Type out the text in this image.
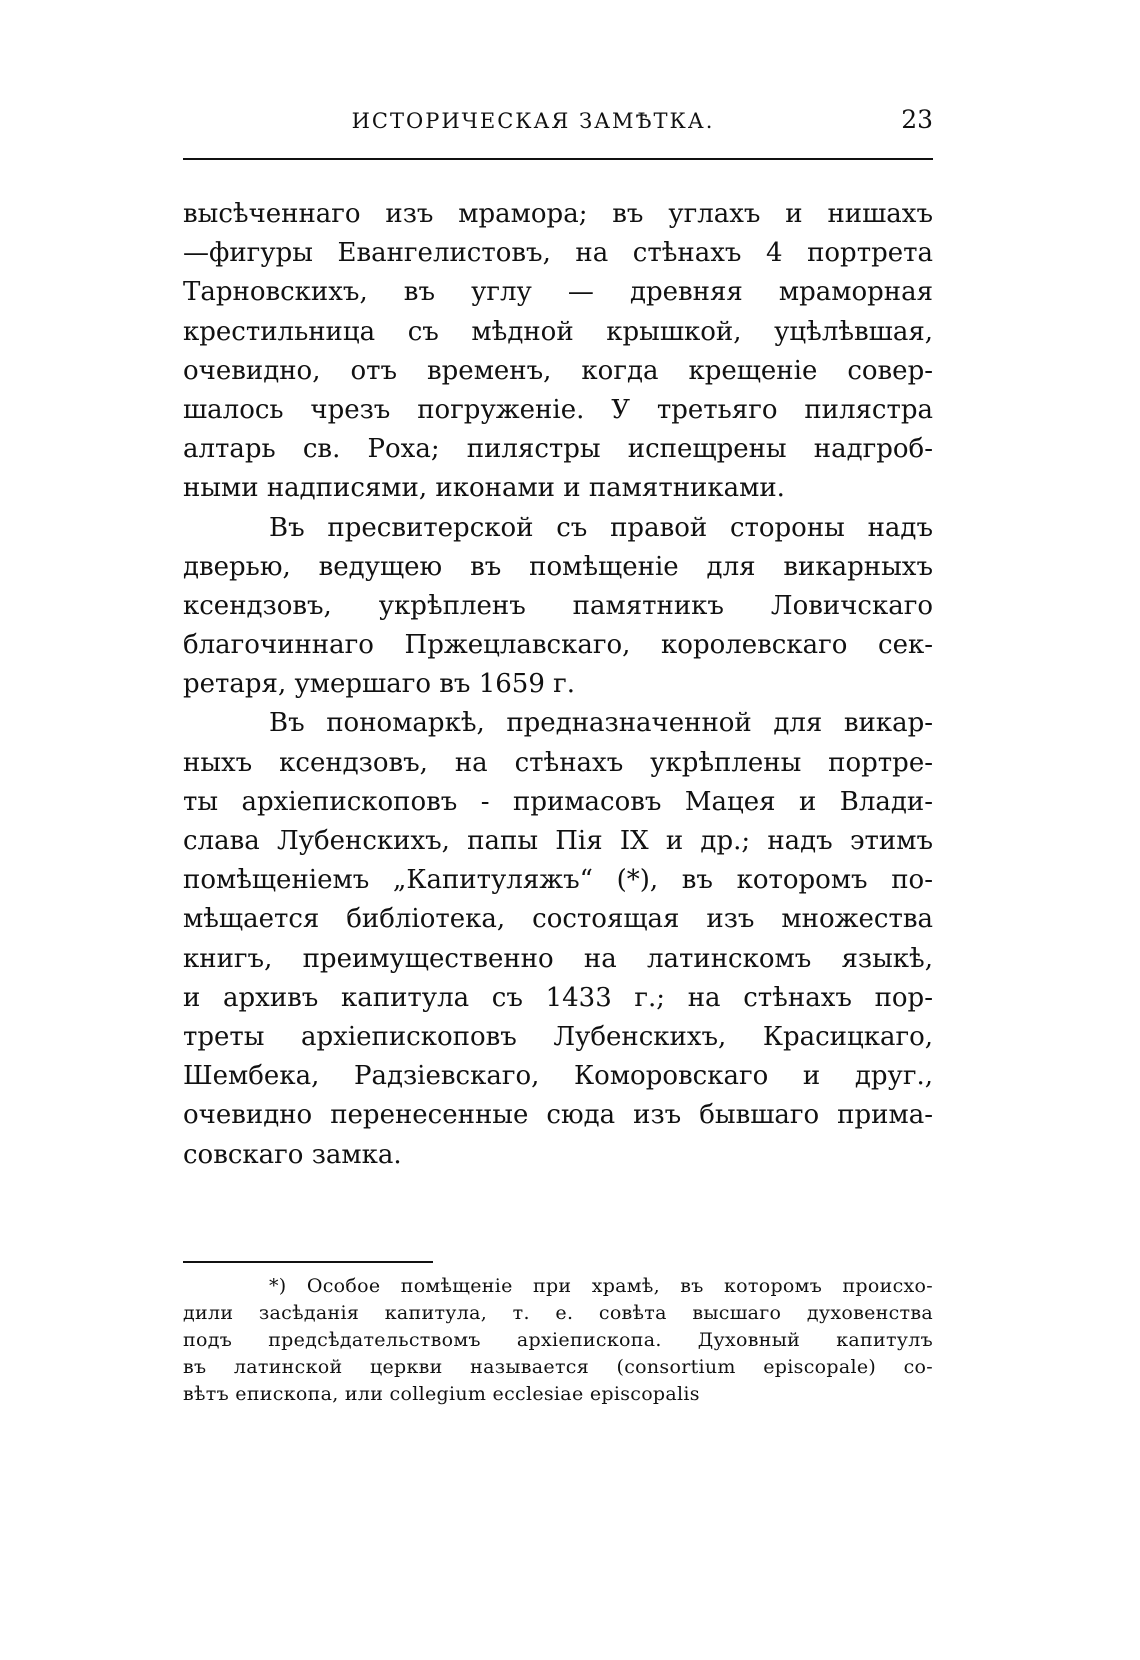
ИСТОРИЧЕСКАЯ ЗАМѢТКА.	23
высѣченнаго изъ мрамора; въ углахъ и нишахъ
—фигуры Евангелистовъ, на стѣнахъ 4 портрета
Тарновскихъ, въ углу — древняя мраморная
крестильница съ мѣдной крышкой, уцѣлѣвшая,
очевидно, отъ временъ, когда крещеніе совер-
шалось чрезъ погруженіе. У третьяго пилястра
алтарь св. Роха; пилястры испещрены надгроб-
ными надписями, иконами и памятниками.
Въ пресвитерской съ правой стороны надъ
дверью, ведущею въ помѣщеніе для викарныхъ
ксендзовъ, укрѣпленъ памятникъ Ловичскаго
благочиннаго Пржецлавскаго, королевскаго сек-
ретаря, умершаго въ 1659 г.
Въ пономаркѣ, предназначенной для викар-
ныхъ ксендзовъ, на стѣнахъ укрѣплены портре-
ты архіепископовъ - примасовъ Мацея и Влади-
слава Лубенскихъ, папы Пія IX и др.; надъ этимъ
помѣщеніемъ „Капитуляжъ“ (*), въ которомъ по-
мѣщается библіотека, состоящая изъ множества
книгъ, преимущественно на латинскомъ языкѣ,
и архивъ капитула съ 1433 г.; на стѣнахъ пор-
треты архіепископовъ Лубенскихъ, Красицкаго,
Шембека, Радзіевскаго, Коморовскаго и друг.,
очевидно перенесенные сюда изъ бывшаго прима-
совскаго замка.
*) Особое помѣщеніе при храмѣ, въ которомъ происхо-
дили засѣданія капитула, т. е. совѣта высшаго духовенства
подъ предсѣдательствомъ архіепископа. Духовный капитулъ
въ латинской церкви называется (consortium episcopale) со-
вѣтъ епископа, или collegium ecclesiae episcopalis
